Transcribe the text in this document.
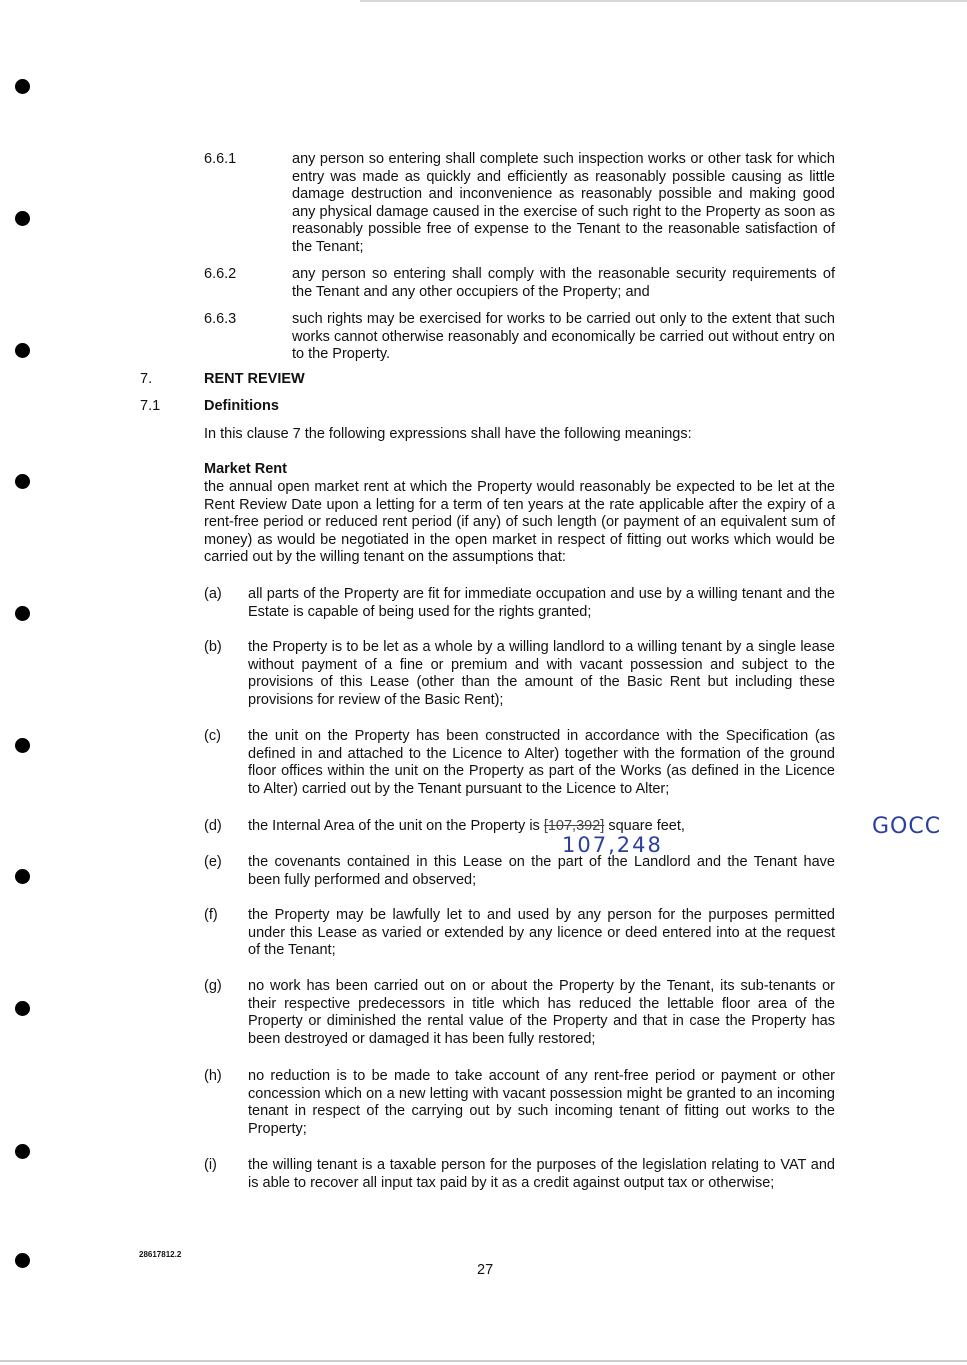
6.6.1	any person so entering shall complete such inspection works or other task for which entry was made as quickly and efficiently as reasonably possible causing as little damage destruction and inconvenience as reasonably possible and making good any physical damage caused in the exercise of such right to the Property as soon as reasonably possible free of expense to the Tenant to the reasonable satisfaction of the Tenant;
6.6.2	any person so entering shall comply with the reasonable security requirements of the Tenant and any other occupiers of the Property; and
6.6.3	such rights may be exercised for works to be carried out only to the extent that such works cannot otherwise reasonably and economically be carried out without entry on to the Property.
7.	RENT REVIEW
7.1	Definitions
In this clause 7 the following expressions shall have the following meanings:
Market Rent
the annual open market rent at which the Property would reasonably be expected to be let at the Rent Review Date upon a letting for a term of ten years at the rate applicable after the expiry of a rent-free period or reduced rent period (if any) of such length (or payment of an equivalent sum of money) as would be negotiated in the open market in respect of fitting out works which would be carried out by the willing tenant on the assumptions that:
(a) all parts of the Property are fit for immediate occupation and use by a willing tenant and the Estate is capable of being used for the rights granted;
(b) the Property is to be let as a whole by a willing landlord to a willing tenant by a single lease without payment of a fine or premium and with vacant possession and subject to the provisions of this Lease (other than the amount of the Basic Rent but including these provisions for review of the Basic Rent);
(c) the unit on the Property has been constructed in accordance with the Specification (as defined in and attached to the Licence to Alter) together with the formation of the ground floor offices within the unit on the Property as part of the Works (as defined in the Licence to Alter) carried out by the Tenant pursuant to the Licence to Alter;
(d) the Internal Area of the unit on the Property is [107,392] square feet,
107,248
GOCC
(e) the covenants contained in this Lease on the part of the Landlord and the Tenant have been fully performed and observed;
(f) the Property may be lawfully let to and used by any person for the purposes permitted under this Lease as varied or extended by any licence or deed entered into at the request of the Tenant;
(g) no work has been carried out on or about the Property by the Tenant, its sub-tenants or their respective predecessors in title which has reduced the lettable floor area of the Property or diminished the rental value of the Property and that in case the Property has been destroyed or damaged it has been fully restored;
(h) no reduction is to be made to take account of any rent-free period or payment or other concession which on a new letting with vacant possession might be granted to an incoming tenant in respect of the carrying out by such incoming tenant of fitting out works to the Property;
(i) the willing tenant is a taxable person for the purposes of the legislation relating to VAT and is able to recover all input tax paid by it as a credit against output tax or otherwise;
28617812.2
27
